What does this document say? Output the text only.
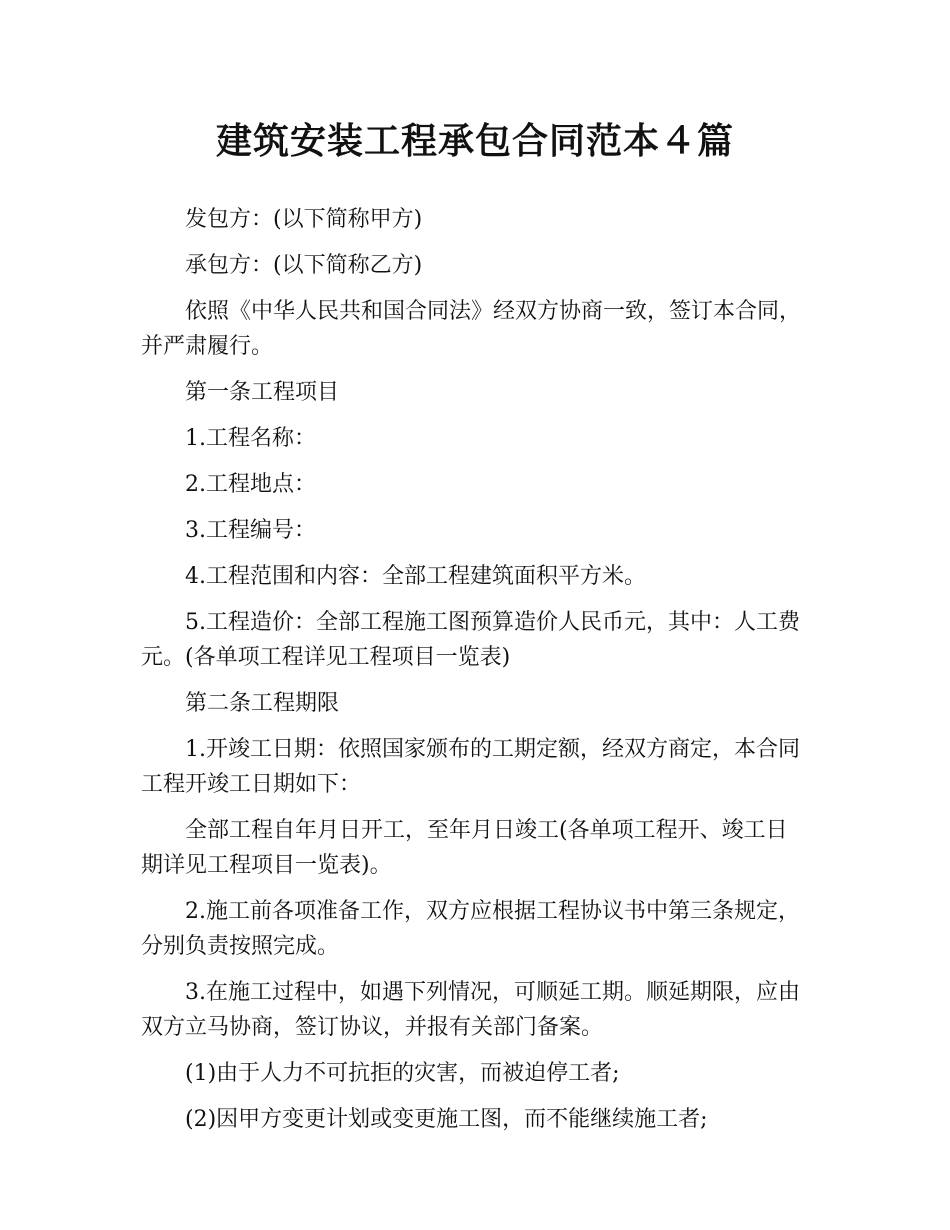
建筑安装工程承包合同范本４篇

发包方：(以下简称甲方)

承包方：(以下简称乙方)

依照《中华人民共和国合同法》经双方协商一致，签订本合同，并严肃履行。

第一条工程项目

1.工程名称：

2.工程地点：

3.工程编号：

4.工程范围和内容：全部工程建筑面积平方米。

5.工程造价：全部工程施工图预算造价人民币元，其中：人工费元。(各单项工程详见工程项目一览表)

第二条工程期限

1.开竣工日期：依照国家颁布的工期定额，经双方商定，本合同工程开竣工日期如下：

全部工程自年月日开工，至年月日竣工(各单项工程开、竣工日期详见工程项目一览表)。

2.施工前各项准备工作，双方应根据工程协议书中第三条规定，分别负责按照完成。

3.在施工过程中，如遇下列情况，可顺延工期。顺延期限，应由双方立马协商，签订协议，并报有关部门备案。

(1)由于人力不可抗拒的灾害，而被迫停工者;

(2)因甲方变更计划或变更施工图，而不能继续施工者;
